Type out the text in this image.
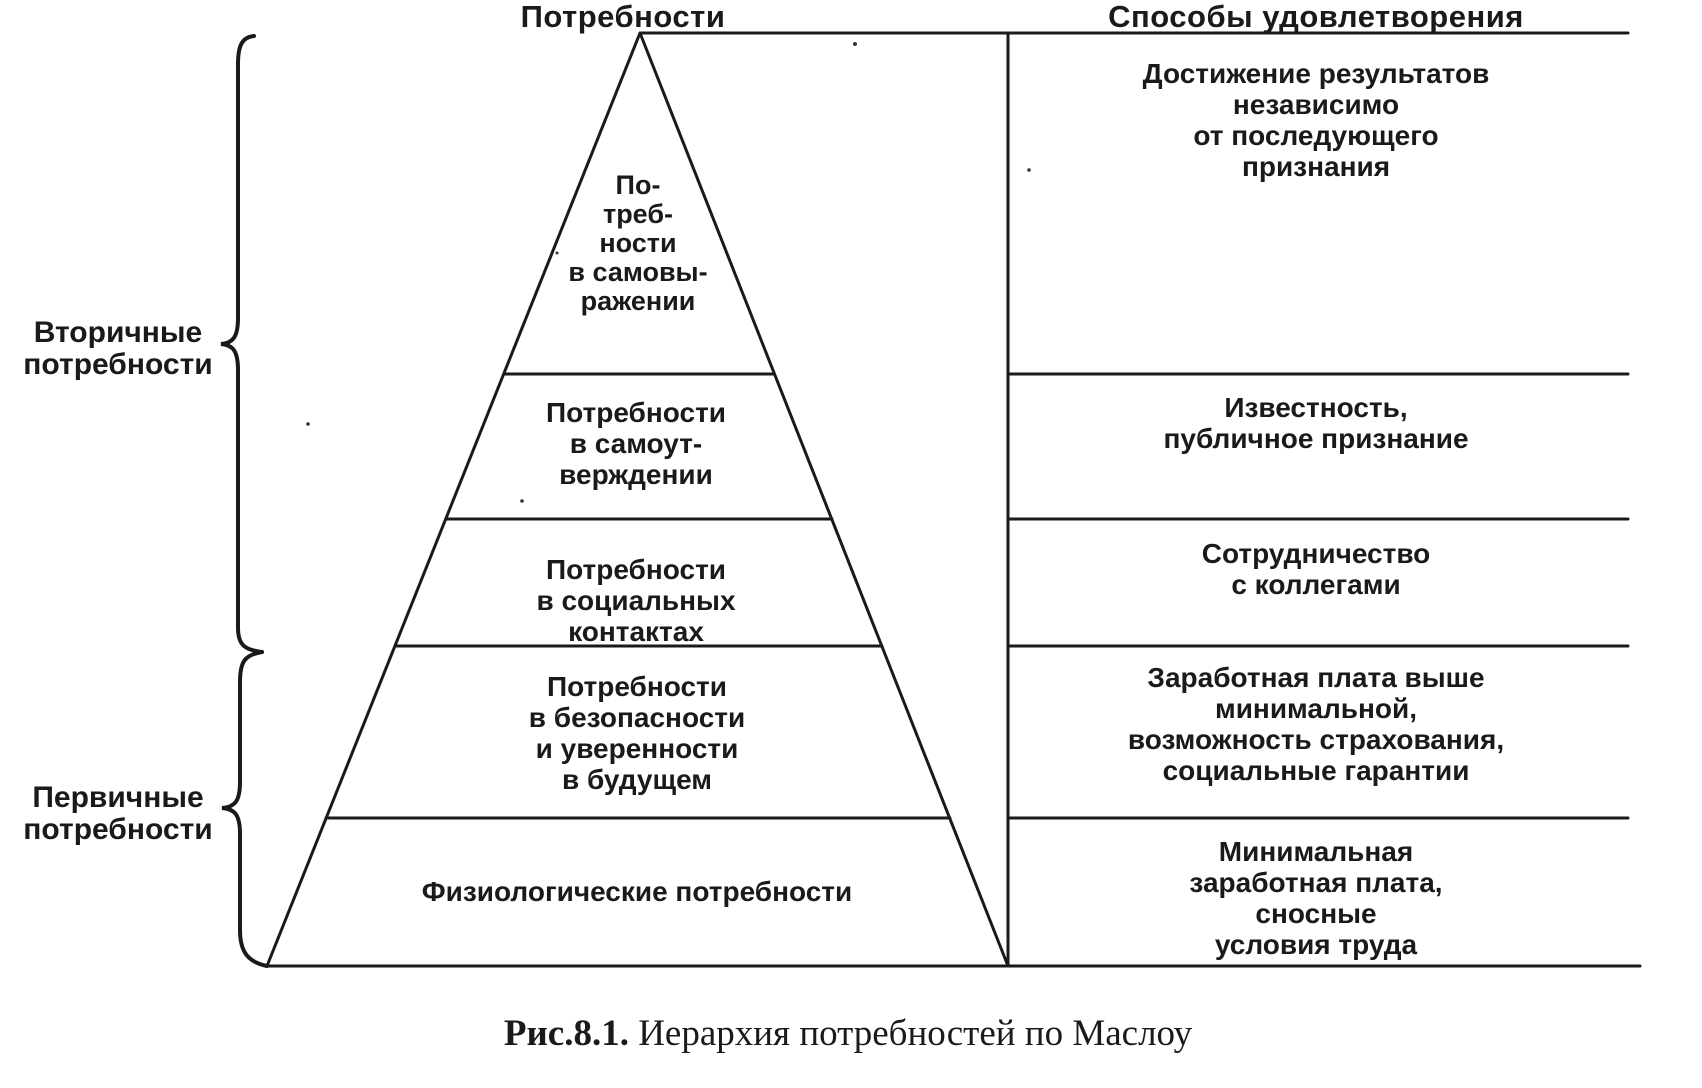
Потребности	Способы удовлетворения
Вторичные
потребности
Первичные
потребности
По-
треб-
ности
в самовы-
ражении
Потребности
в самоут-
верждении
Потребности
в социальных
контактах
Потребности
в безопасности
и уверенности
в будущем
Физиологические потребности
Достижение результатов
независимо
от последующего
признания
Известность,
публичное признание
Сотрудничество
с коллегами
Заработная плата выше
минимальной,
возможность страхования,
социальные гарантии
Минимальная
заработная плата,
сносные
условия труда
Рис.8.1. Иерархия потребностей по Маслоу
